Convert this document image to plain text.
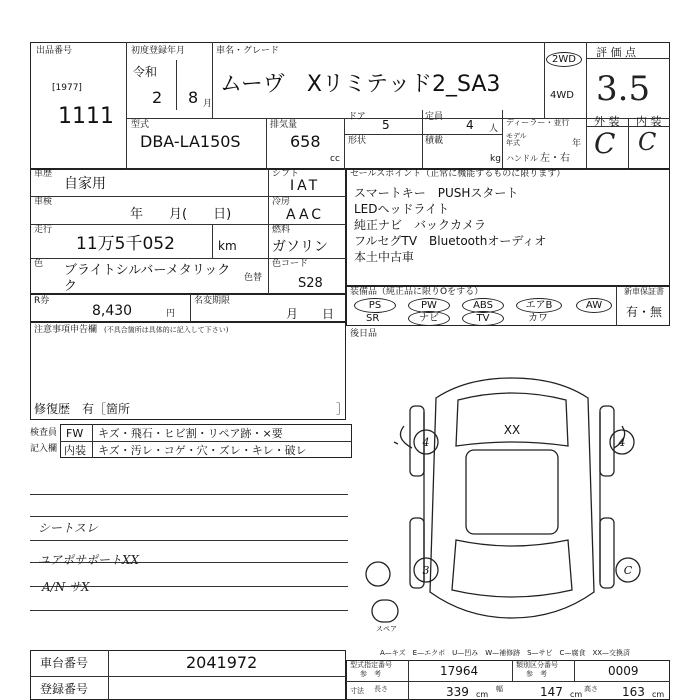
出品番号
[1977]
1111
初度登録年月
令和
2 8 月
車名・グレード
ムーヴ　Xリミテッド2_SA3
2WD
4WD
評 価 点
3.5
型式
DBA-LA150S
排気量
658
cc
ドア
5
定員
4 人
形状	積載
kg
ディーラー・並行
モデル年式	年
ハンドル 左・右
外 装 内 装
C C
車歴
自家用
車検
年　　月(　　日)
走行
11万5千052	km
色 ブライトシルバーメタリック
ク
色替
シフト
IAT
冷房
AAC
燃料
ガソリン
色コード
S28
R券
8,430	円
名変期限
月　　日
注意事項申告欄 (不具合箇所は具体的に記入して下さい)
修復歴　有［箇所	］
セールスポイント（正常に機能するものに限ります）
スマートキー　PUSHスタート
LEDヘッドライト
純正ナビ　バックカメラ
フルセグTV　Bluetoothオーディオ
本土中古車
装備品（純正品に限りOをする）
PS	PW	ABS	エアB	AW
SR	ナビ	TV	カワ
新車保証書
有・無
後日品
検査員
記入欄
FW キズ・飛石・ヒビ割・リペア跡・×要
内装 キズ・汚レ・コゲ・穴・ズレ・キレ・破レ
シートスレ
ユアポサポートXX
A/N サX
XX
4	4
3	C
スペア
A—キズ　E—エクボ　U—凹み　W—補修跡　S—サビ　C—腐食　XX—交換済
車台番号	2041972
登録番号
型式指定番号
参　考	17964	類別区分番号
参　考	0009
寸法 長さ	339 cm
幅	147 cm
高さ 163 cm
